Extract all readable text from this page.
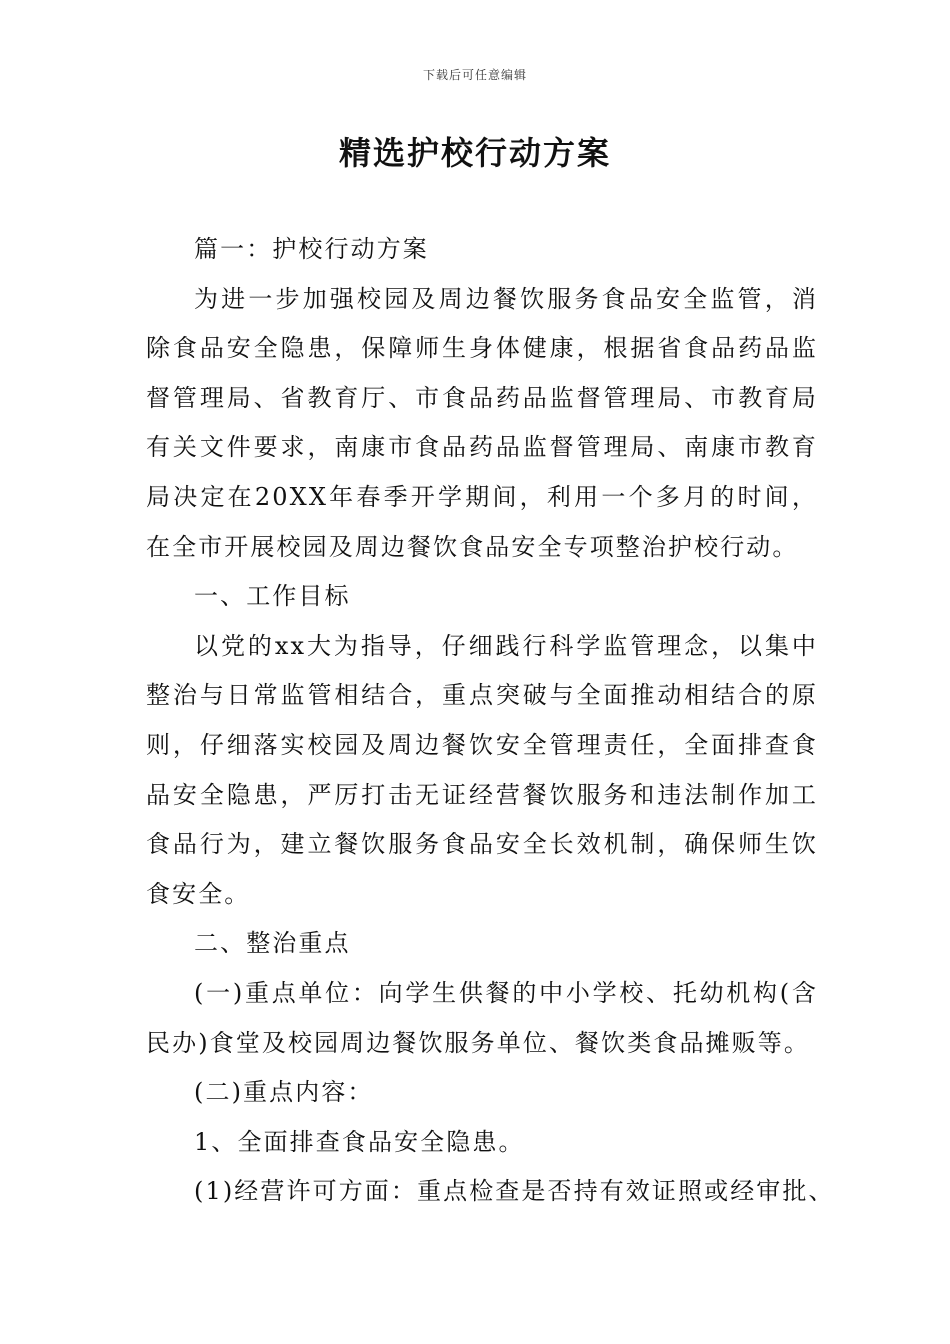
下载后可任意编辑
精选护校行动方案

篇一：护校行动方案

为进一步加强校园及周边餐饮服务食品安全监管，消除食品安全隐患，保障师生身体健康，根据省食品药品监督管理局、省教育厅、市食品药品监督管理局、市教育局有关文件要求，南康市食品药品监督管理局、南康市教育局决定在20XX年春季开学期间，利用一个多月的时间，在全市开展校园及周边餐饮食品安全专项整治护校行动。

一、工作目标

以党的xx大为指导，仔细践行科学监管理念，以集中整治与日常监管相结合，重点突破与全面推动相结合的原则，仔细落实校园及周边餐饮安全管理责任，全面排查食品安全隐患，严厉打击无证经营餐饮服务和违法制作加工食品行为，建立餐饮服务食品安全长效机制，确保师生饮食安全。

二、整治重点

(一)重点单位：向学生供餐的中小学校、托幼机构(含民办)食堂及校园周边餐饮服务单位、餐饮类食品摊贩等。

(二)重点内容：

1、全面排查食品安全隐患。

(1)经营许可方面：重点检查是否持有效证照或经审批、
